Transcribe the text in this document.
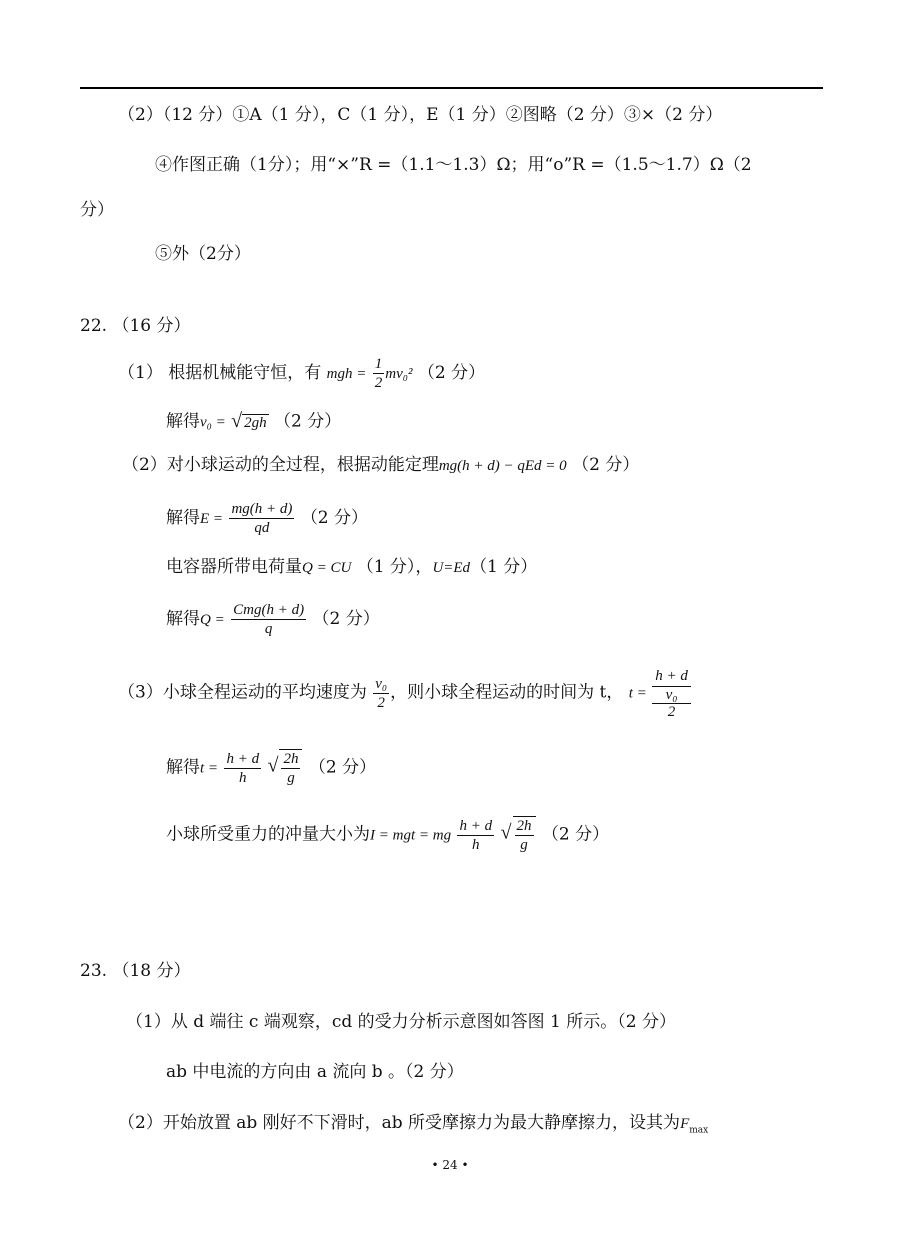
（2）（12 分）①A（1 分），C（1 分），E（1 分）②图略（2 分）③×（2 分）
④作图正确（1分）；用“×”R =（1.1～1.3）Ω；用“o”R =（1.5～1.7）Ω（2
分）
⑤外（2分）
22. （16 分）
（1） 根据机械能守恒，有 mgh = $\frac{1}{2} mv_0^2$ （2 分）
解得v₀ = √ 2gh （2 分）
（2）对小球运动的全过程，根据动能定理mg(h + d) − qEd = 0 （2 分）
解得$E = \frac{mg(h + d)}{qd} (2$ 分）
电容器所带电荷量Q = CU （1 分），U=Ed（1 分）
解得Q =
Cmg(h + d)
q	（2 分）
（3）小球全程运动的平均速度为 $\frac{\text{v₀}}{2}$ ，则小球全程运动的时间为 t， t = h + d
v₀
2
解得$t = \frac{h + d}{h}$ √ $\frac{2h}{g} (2$ 分）
小球所受重力的冲量大小为I = mgt = mg $\frac{h + d}{h}$ √ $\frac{2h}{g} (2$ 分）
23. （18 分）
（1）从 d 端往 c 端观察，cd 的受力分析示意图如答图 1 所示。（2 分）
ab 中电流的方向由 a 流向 b 。（2 分）
（2）开始放置 ab 刚好不下滑时，ab 所受摩擦力为最大静摩擦力，设其为$F_{max}$
• 24 •
